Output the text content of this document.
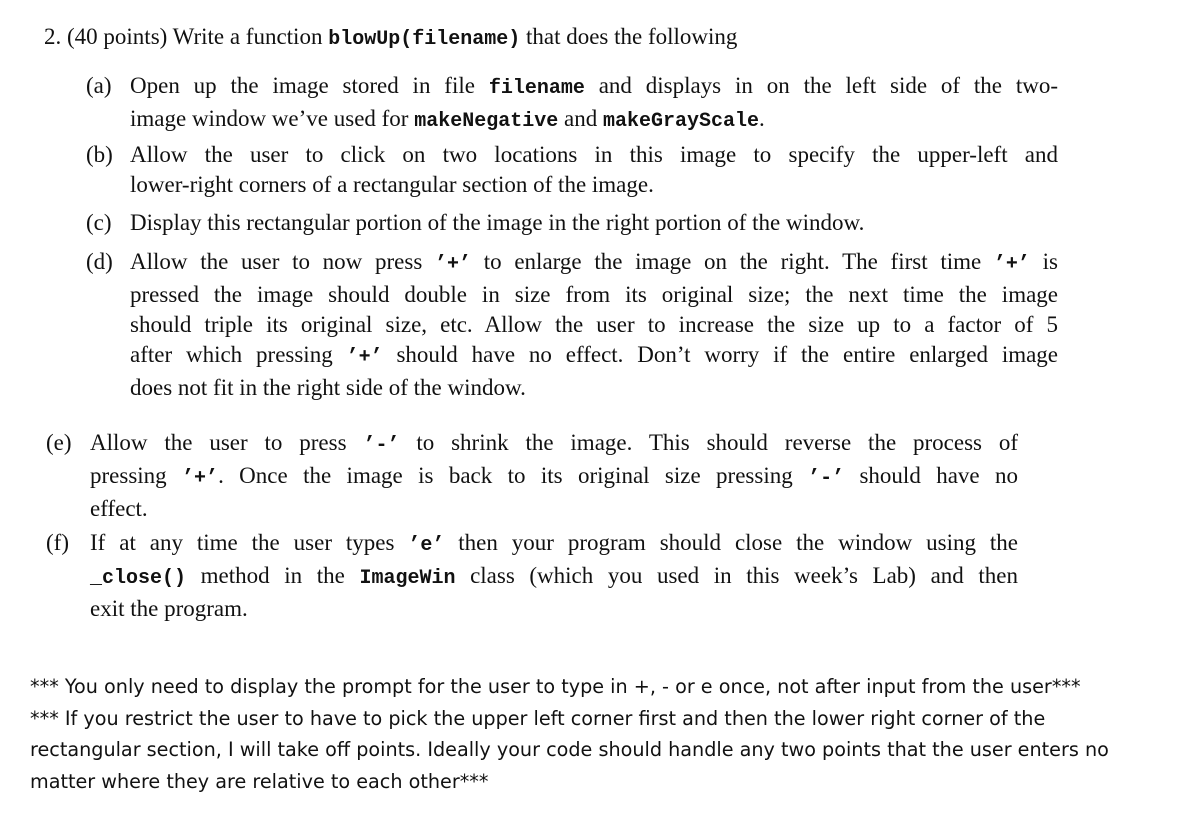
2. (40 points) Write a function blowUp(filename) that does the following
(a) Open up the image stored in file filename and displays in on the left side of the two-
image window we’ve used for makeNegative and makeGrayScale.
(b) Allow the user to click on two locations in this image to specify the upper-left and
lower-right corners of a rectangular section of the image.
(c) Display this rectangular portion of the image in the right portion of the window.
(d) Allow the user to now press ’+’ to enlarge the image on the right. The first time ’+’ is
pressed the image should double in size from its original size; the next time the image
should triple its original size, etc. Allow the user to increase the size up to a factor of 5
after which pressing ’+’ should have no effect. Don’t worry if the entire enlarged image
does not fit in the right side of the window.
(e) Allow the user to press ’-’ to shrink the image. This should reverse the process of
pressing ’+’. Once the image is back to its original size pressing ’-’ should have no
effect.
(f) If at any time the user types ’e’ then your program should close the window using the
_close() method in the ImageWin class (which you used in this week’s Lab) and then
exit the program.
*** You only need to display the prompt for the user to type in +, - or e once, not after input from the user***
*** If you restrict the user to have to pick the upper left corner first and then the lower right corner of the
rectangular section, I will take off points. Ideally your code should handle any two points that the user enters no
matter where they are relative to each other***
